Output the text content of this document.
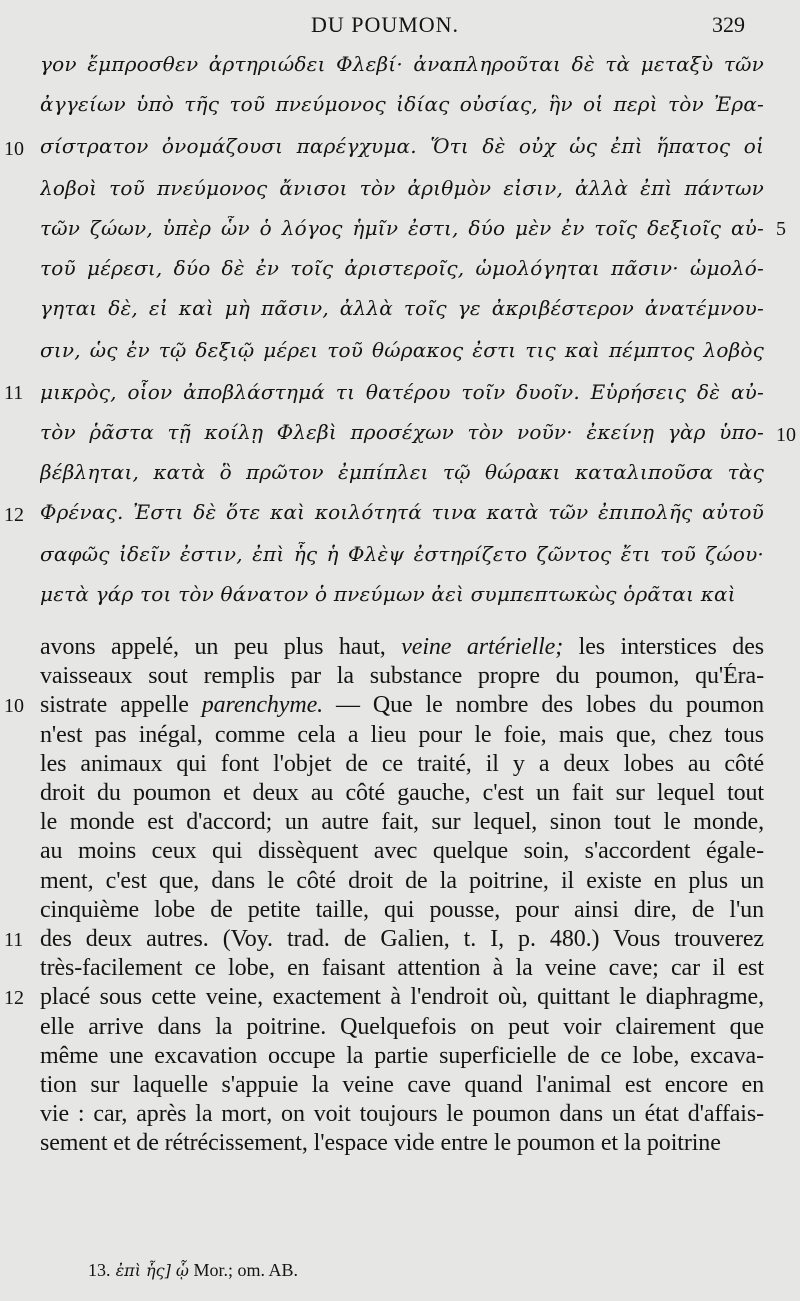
DU POUMON.	329
γον ἔμπροσθεν ἀρτηριώδει Φλεβί· ἀναπληροῦται δὲ τὰ μεταξὺ τῶν
ἀγγείων ὑπὸ τῆς τοῦ πνεύμονος ἰδίας οὐσίας, ἣν οἱ περὶ τὸν Ἐρα-
σίστρατον ὀνομάζουσι παρέγχυμα. Ὅτι δὲ οὐχ ὡς ἐπὶ ἥπατος οἱ
λοβοὶ τοῦ πνεύμονος ἄνισοι τὸν ἀριθμὸν εἰσιν, ἀλλὰ ἐπὶ πάντων
τῶν ζώων, ὑπὲρ ὧν ὁ λόγος ἡμῖν ἐστι, δύο μὲν ἐν τοῖς δεξιοῖς αὐ-
τοῦ μέρεσι, δύο δὲ ἐν τοῖς ἀριστεροῖς, ὡμολόγηται πᾶσιν· ὡμολό-
γηται δὲ, εἰ καὶ μὴ πᾶσιν, ἀλλὰ τοῖς γε ἀκριβέστερον ἀνατέμνου-
σιν, ὡς ἐν τῷ δεξιῷ μέρει τοῦ θώρακος ἐστι τις καὶ πέμπτος λοβὸς
μικρὸς, οἷον ἀποβλάστημά τι θατέρου τοῖν δυοῖν. Εὑρήσεις δὲ αὐ-
τὸν ῥᾶστα τῇ κοίλῃ Φλεβὶ προσέχων τὸν νοῦν· ἐκείνῃ γὰρ ὑπο-
βέβληται, κατὰ ὃ πρῶτον ἐμπίπλει τῷ θώρακι καταλιποῦσα τὰς
Φρένας. Ἐστι δὲ ὅτε καὶ κοιλότητά τινα κατὰ τῶν ἐπιπολῆς αὐτοῦ
σαφῶς ἰδεῖν ἐστιν, ἐπὶ ἧς ἡ Φλὲψ ἐστηρίζετο ζῶντος ἔτι τοῦ ζώου·
μετὰ γάρ τοι τὸν θάνατον ὁ πνεύμων ἀεὶ συμπεπτωκὼς ὁρᾶται καὶ
10
11
12
5
10
avons appelé, un peu plus haut, veine artérielle; les interstices des
vaisseaux sout remplis par la substance propre du poumon, qu'Éra-
sistrate appelle parenchyme. — Que le nombre des lobes du poumon
n'est pas inégal, comme cela a lieu pour le foie, mais que, chez tous
les animaux qui font l'objet de ce traité, il y a deux lobes au côté
droit du poumon et deux au côté gauche, c'est un fait sur lequel tout
le monde est d'accord; un autre fait, sur lequel, sinon tout le monde,
au moins ceux qui dissèquent avec quelque soin, s'accordent égale-
ment, c'est que, dans le côté droit de la poitrine, il existe en plus un
cinquième lobe de petite taille, qui pousse, pour ainsi dire, de l'un
des deux autres. (Voy. trad. de Galien, t. I, p. 480.) Vous trouverez
très-facilement ce lobe, en faisant attention à la veine cave; car il est
placé sous cette veine, exactement à l'endroit où, quittant le diaphragme,
elle arrive dans la poitrine. Quelquefois on peut voir clairement que
même une excavation occupe la partie superficielle de ce lobe, excava-
tion sur laquelle s'appuie la veine cave quand l'animal est encore en
vie : car, après la mort, on voit toujours le poumon dans un état d'affais-
10
11
12
sement et de rétrécissement, l'espace vide entre le poumon et la poitrine
13. ἐπὶ ἧς] ᾧ Mor.; om. AB.
